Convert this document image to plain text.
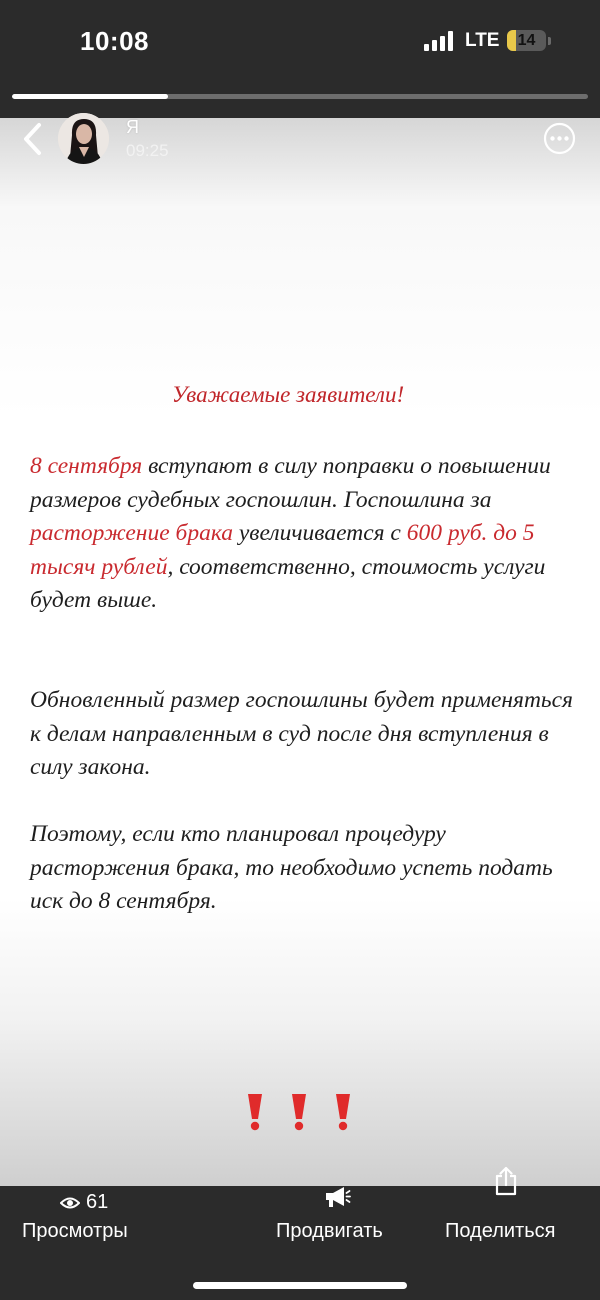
10:08	LTE	14
Я
09:25
Уважаемые заявители!
8 сентября вступают в силу поправки о повышении размеров судебных госпошлин. Госпошлина за расторжение брака увеличивается с 600 руб. до 5 тысяч рублей, соответственно, стоимость услуги будет выше.
Обновленный размер госпошлины будет применяться к делам направленным в суд после дня вступления в силу закона.
Поэтому, если кто планировал процедуру расторжения брака, то необходимо успеть подать иск до 8 сентября.
61
Просмотры	Продвигать	Поделиться
